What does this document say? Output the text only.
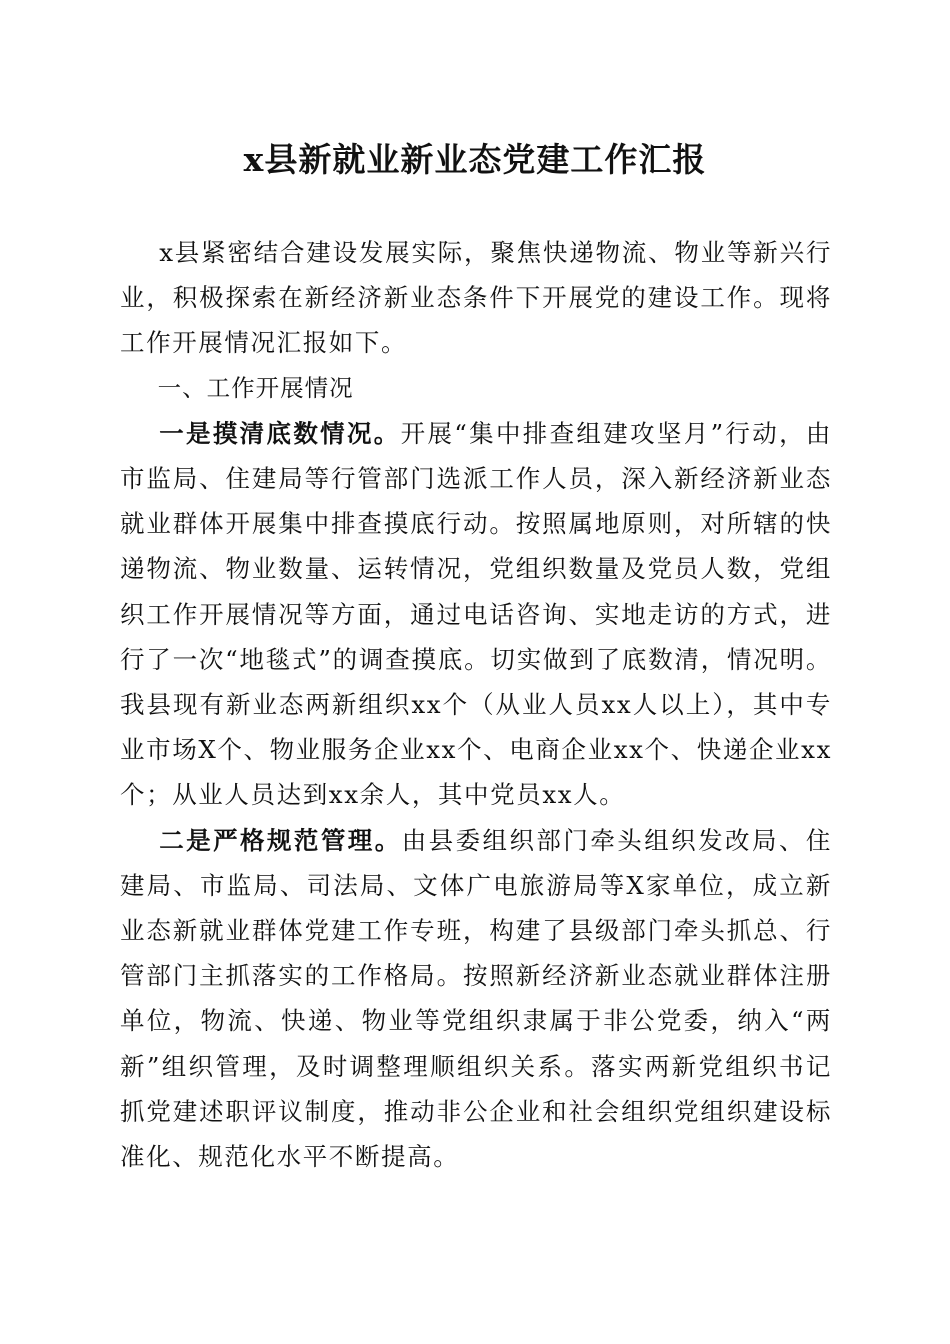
x县新就业新业态党建工作汇报

x县紧密结合建设发展实际，聚焦快递物流、物业等新兴行业，积极探索在新经济新业态条件下开展党的建设工作。现将工作开展情况汇报如下。

一、工作开展情况

一是摸清底数情况。开展“集中排查组建攻坚月”行动，由市监局、住建局等行管部门选派工作人员，深入新经济新业态就业群体开展集中排查摸底行动。按照属地原则，对所辖的快递物流、物业数量、运转情况，党组织数量及党员人数，党组织工作开展情况等方面，通过电话咨询、实地走访的方式，进行了一次“地毯式”的调查摸底。切实做到了底数清，情况明。我县现有新业态两新组织xx个（从业人员xx人以上），其中专业市场X个、物业服务企业xx个、电商企业xx个、快递企业xx个；从业人员达到xx余人，其中党员xx人。

二是严格规范管理。由县委组织部门牵头组织发改局、住建局、市监局、司法局、文体广电旅游局等X家单位，成立新业态新就业群体党建工作专班，构建了县级部门牵头抓总、行管部门主抓落实的工作格局。按照新经济新业态就业群体注册单位，物流、快递、物业等党组织隶属于非公党委，纳入“两新”组织管理，及时调整理顺组织关系。落实两新党组织书记抓党建述职评议制度，推动非公企业和社会组织党组织建设标准化、规范化水平不断提高。
